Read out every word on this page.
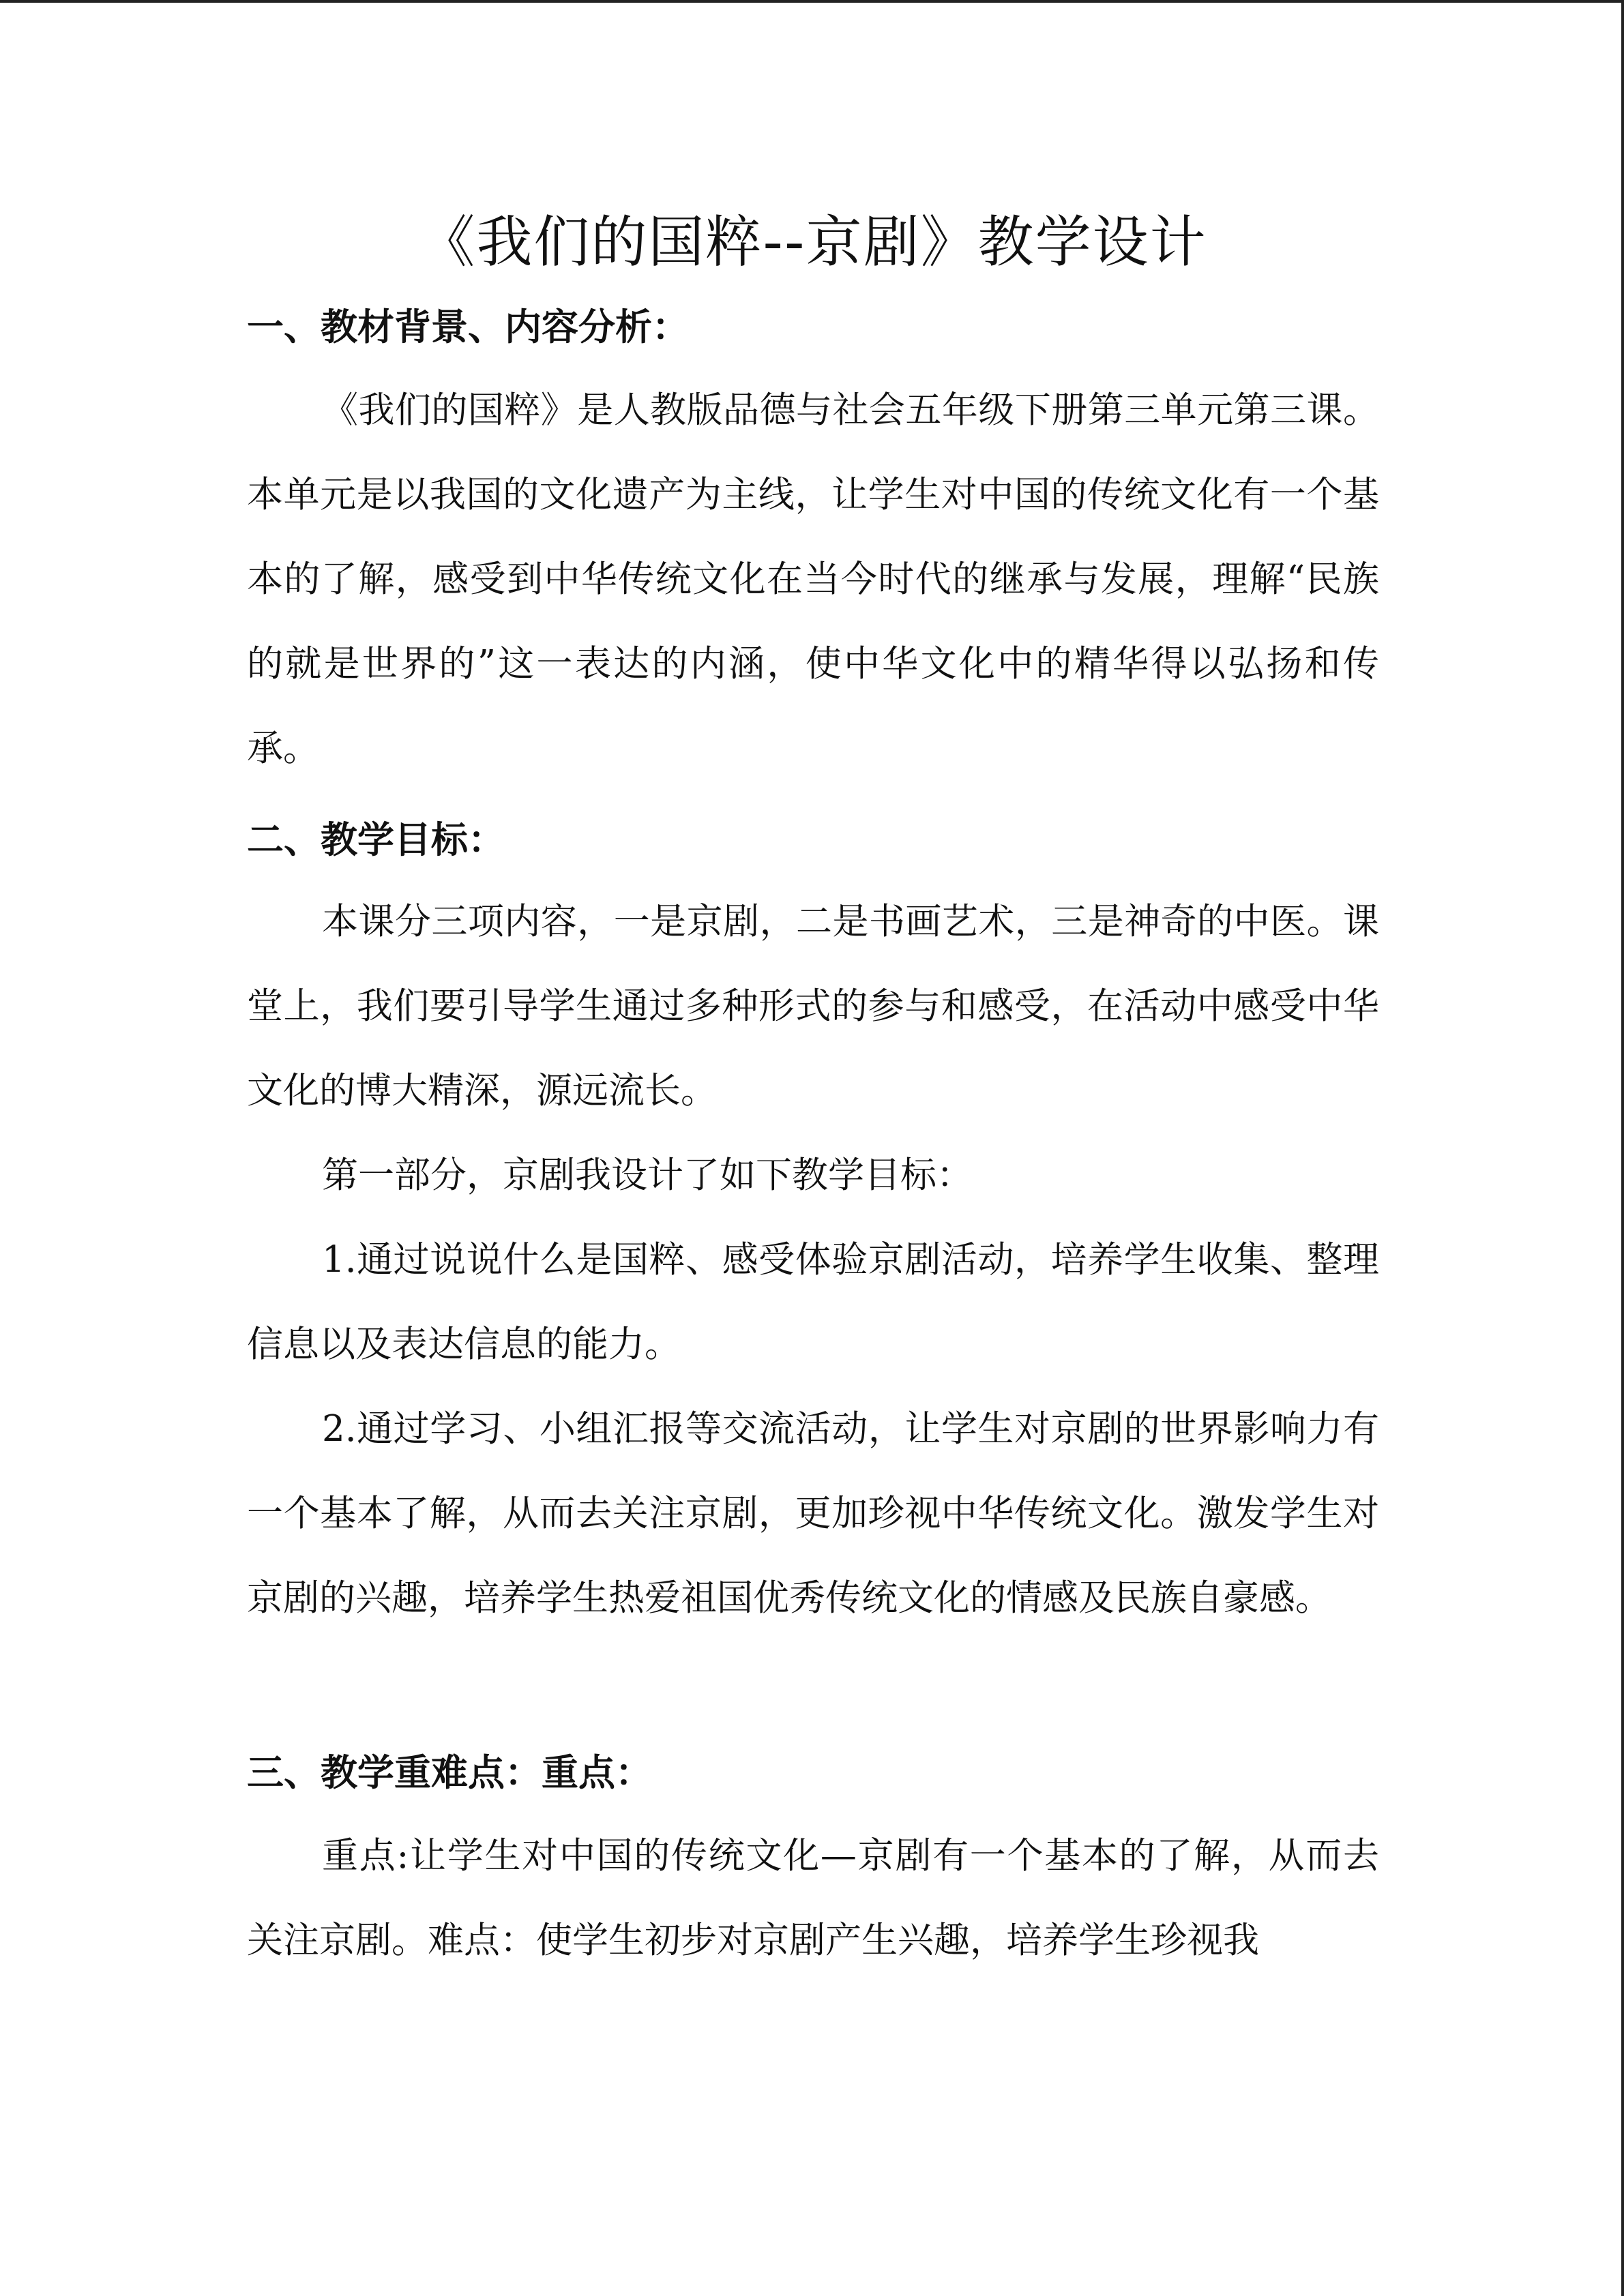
《我们的国粹--京剧》教学设计
一、教材背景、内容分析：

《我们的国粹》是人教版品德与社会五年级下册第三单元第三课。本单元是以我国的文化遗产为主线，让学生对中国的传统文化有一个基本的了解，感受到中华传统文化在当今时代的继承与发展，理解“民族的就是世界的”这一表达的内涵，使中华文化中的精华得以弘扬和传承。

二、教学目标：

本课分三项内容，一是京剧，二是书画艺术，三是神奇的中医。课堂上，我们要引导学生通过多种形式的参与和感受，在活动中感受中华文化的博大精深，源远流长。

第一部分，京剧我设计了如下教学目标：

1.通过说说什么是国粹、感受体验京剧活动，培养学生收集、整理信息以及表达信息的能力。

2.通过学习、小组汇报等交流活动，让学生对京剧的世界影响力有一个基本了解，从而去关注京剧，更加珍视中华传统文化。激发学生对京剧的兴趣，培养学生热爱祖国优秀传统文化的情感及民族自豪感。

三、教学重难点：重点：

重点:让学生对中国的传统文化—京剧有一个基本的了解，从而去关注京剧。难点：使学生初步对京剧产生兴趣，培养学生珍视我
